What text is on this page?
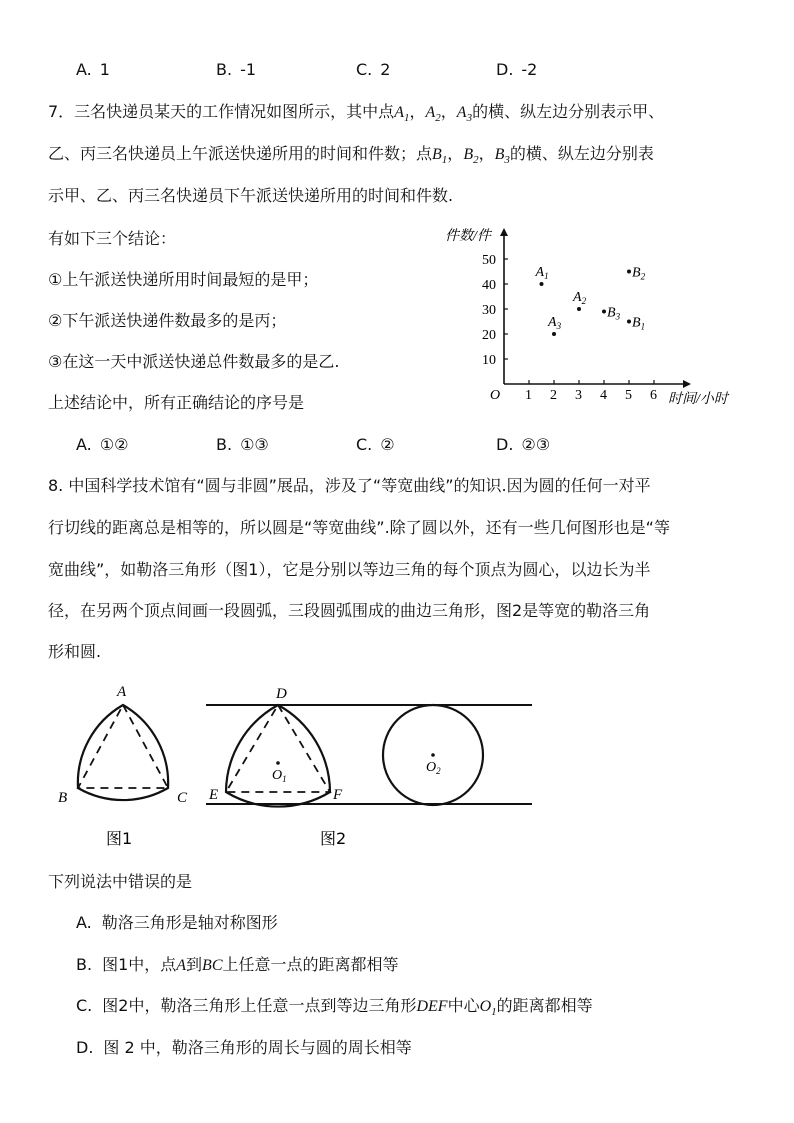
A. 1	B. -1	C. 2	D. -2
7．三名快递员某天的工作情况如图所示，其中点$A_1$，$A_2$，$A_3$的横、纵左边分别表示甲、
乙、丙三名快递员上午派送快递所用的时间和件数；点$B_1$，$B_2$，$B_3$的横、纵左边分别表
示甲、乙、丙三名快递员下午派送快递所用的时间和件数.
有如下三个结论：
①上午派送快递所用时间最短的是甲；
②下午派送快递件数最多的是丙；
③在这一天中派送快递总件数最多的是乙.
上述结论中，所有正确结论的序号是
A. ①②	B. ①③	C. ②	D. ②③
1 2 3 4 5 6
10
20
30
40
50
$A_1$
$A_2$
$A_3$	$B_1$
$B_2$
$B_3$
件数/件
时间/小时
O
8. 中国科学技术馆有“圆与非圆”展品，涉及了“等宽曲线”的知识.因为圆的任何一对平
行切线的距离总是相等的，所以圆是“等宽曲线”.除了圆以外，还有一些几何图形也是“等
宽曲线”，如勒洛三角形（图1），它是分别以等边三角的每个顶点为圆心，以边长为半
径，在另两个顶点间画一段圆弧，三段圆弧围成的曲边三角形，图2是等宽的勒洛三角
形和圆.
A
B	C
图1
D
E	F
$O_1$
$O_2$
图2
下列说法中错误的是
A. 勒洛三角形是轴对称图形
B. 图1中，点A到BC上任意一点的距离都相等
C. 图2中，勒洛三角形上任意一点到等边三角形DEF中心$O_1$的距离都相等
D. 图 2 中，勒洛三角形的周长与圆的周长相等
